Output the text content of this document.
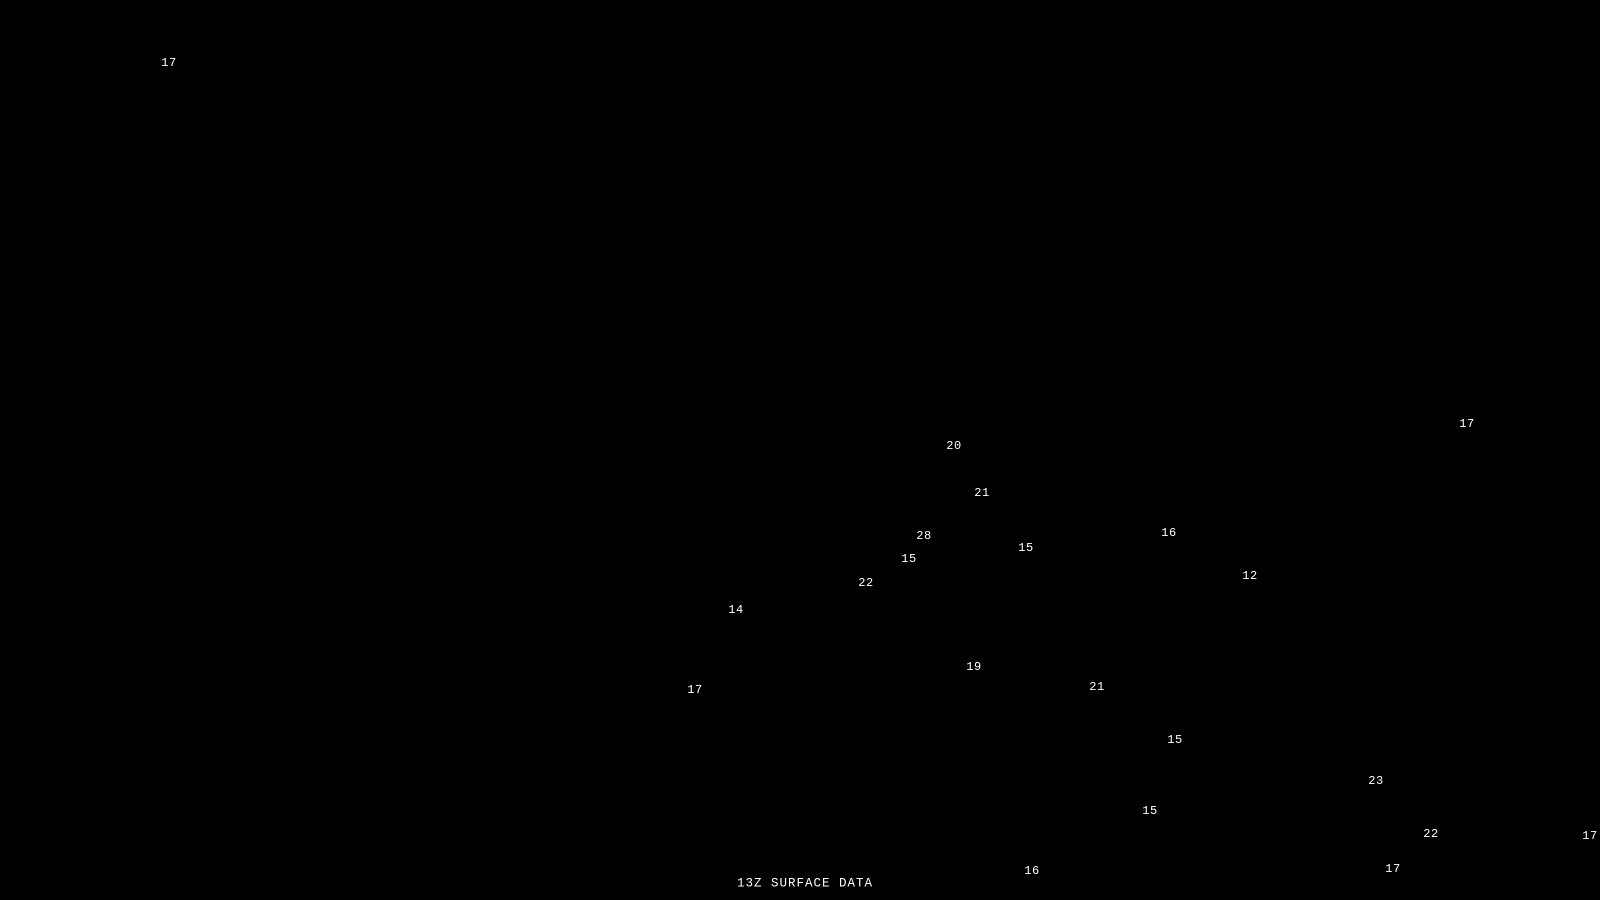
17
17
20
21
16
28
15
15
12
22
14
19
21
17
15
23
15
22	17
16	17
13Z SURFACE DATA
